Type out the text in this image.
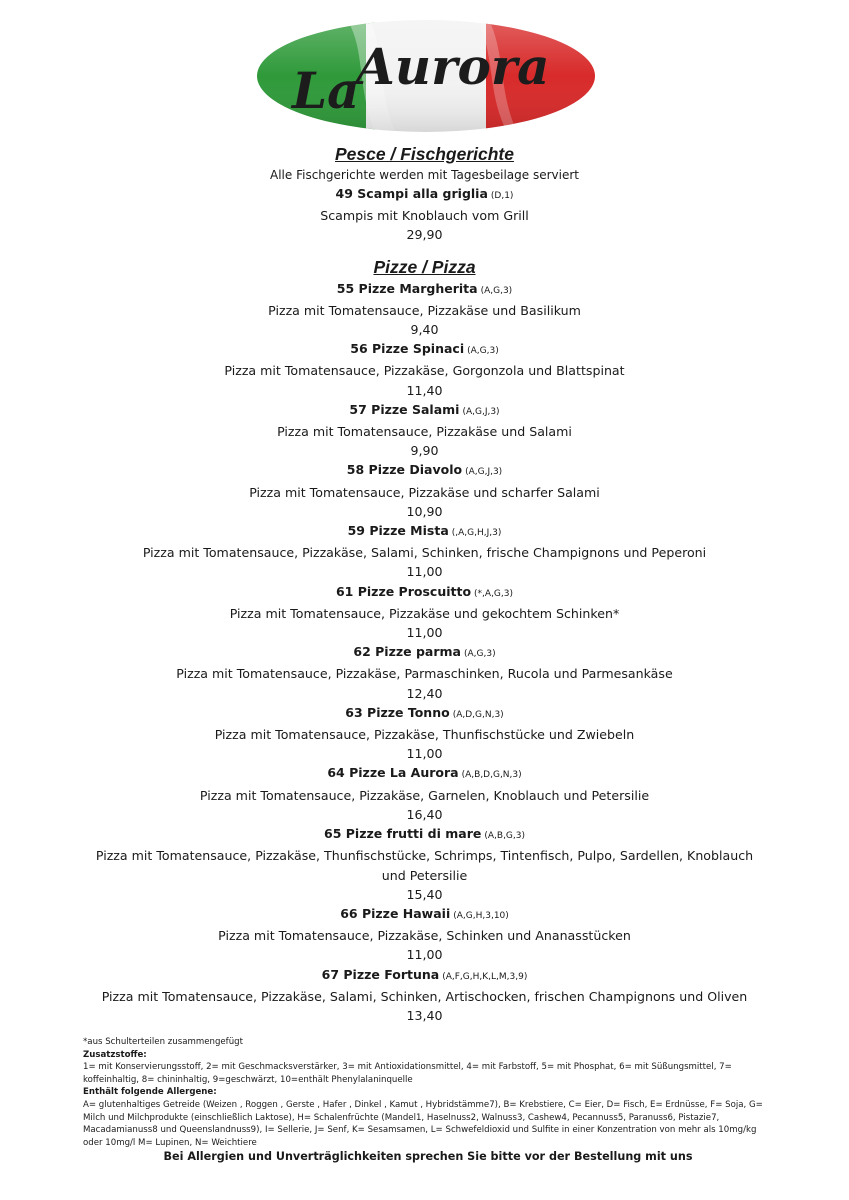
La
Aurora
Pesce / Fischgerichte
Alle Fischgerichte werden mit Tagesbeilage serviert
49 Scampi alla griglia (D,1)
Scampis mit Knoblauch vom Grill
29,90
Pizze / Pizza
55 Pizze Margherita (A,G,3)
Pizza mit Tomatensauce, Pizzakäse und Basilikum
9,40
56 Pizze Spinaci (A,G,3)
Pizza mit Tomatensauce, Pizzakäse, Gorgonzola und Blattspinat
11,40
57 Pizze Salami (A,G,J,3)
Pizza mit Tomatensauce, Pizzakäse und Salami
9,90
58 Pizze Diavolo (A,G,J,3)
Pizza mit Tomatensauce, Pizzakäse und scharfer Salami
10,90
59 Pizze Mista (,A,G,H,J,3)
Pizza mit Tomatensauce, Pizzakäse, Salami, Schinken, frische Champignons und Peperoni
11,00
61 Pizze Proscuitto (*,A,G,3)
Pizza mit Tomatensauce, Pizzakäse und gekochtem Schinken*
11,00
62 Pizze parma (A,G,3)
Pizza mit Tomatensauce, Pizzakäse, Parmaschinken, Rucola und Parmesankäse
12,40
63 Pizze Tonno (A,D,G,N,3)
Pizza mit Tomatensauce, Pizzakäse, Thunfischstücke und Zwiebeln
11,00
64 Pizze La Aurora (A,B,D,G,N,3)
Pizza mit Tomatensauce, Pizzakäse, Garnelen, Knoblauch und Petersilie
16,40
65 Pizze frutti di mare (A,B,G,3)
Pizza mit Tomatensauce, Pizzakäse, Thunfischstücke, Schrimps, Tintenfisch, Pulpo, Sardellen, Knoblauch und Petersilie
15,40
66 Pizze Hawaii (A,G,H,3,10)
Pizza mit Tomatensauce, Pizzakäse, Schinken und Ananasstücken
11,00
67 Pizze Fortuna (A,F,G,H,K,L,M,3,9)
Pizza mit Tomatensauce, Pizzakäse, Salami, Schinken, Artischocken, frischen Champignons und Oliven
13,40
*aus Schulterteilen zusammengefügt
Zusatzstoffe:
1= mit Konservierungsstoff, 2= mit Geschmacksverstärker, 3= mit Antioxidationsmittel, 4= mit Farbstoff, 5= mit Phosphat, 6= mit Süßungsmittel, 7= koffeinhaltig, 8= chininhaltig, 9=geschwärzt, 10=enthält Phenylalaninquelle
Enthält folgende Allergene:
A= glutenhaltiges Getreide (Weizen , Roggen , Gerste , Hafer , Dinkel , Kamut , Hybridstämme7), B= Krebstiere, C= Eier, D= Fisch, E= Erdnüsse, F= Soja, G= Milch und Milchprodukte (einschließlich Laktose), H= Schalenfrüchte (Mandel1, Haselnuss2, Walnuss3, Cashew4, Pecannuss5, Paranuss6, Pistazie7, Macadamianuss8 und Queenslandnuss9), I= Sellerie, J= Senf, K= Sesamsamen, L= Schwefeldioxid und Sulfite in einer Konzentration von mehr als 10mg/kg oder 10mg/l M= Lupinen, N= Weichtiere
Bei Allergien und Unverträglichkeiten sprechen Sie bitte vor der Bestellung mit uns
